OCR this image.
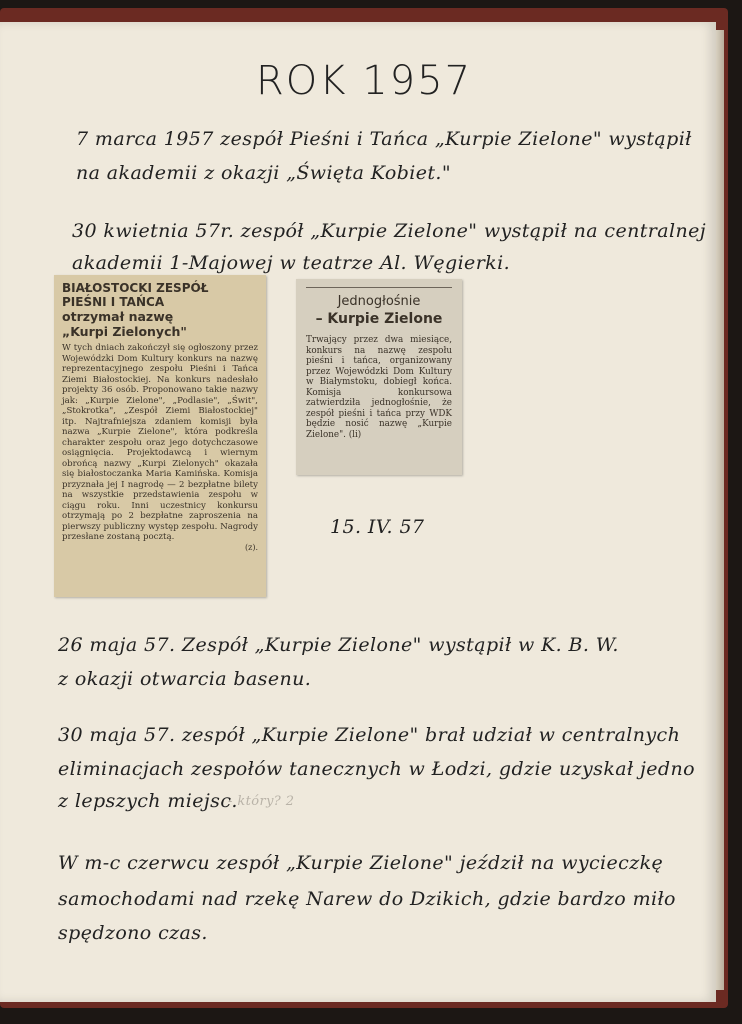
ROK 1957
7 marca 1957 zespół Pieśni i Tańca „Kurpie Zielone" wystąpił
na akademii z okazji „Święta Kobiet."
30 kwietnia 57r. zespół „Kurpie Zielone" wystąpił na centralnej
akademii 1-Majowej w teatrze Al. Węgierki.
BIAŁOSTOCKI ZESPÓŁ
PIEŚNI I TAŃCA
otrzymał nazwę
„Kurpi Zielonych"
W tych dniach zakończył się ogłoszony przez Wojewódzki Dom Kultury konkurs na nazwę reprezentacyjnego zespołu Pieśni i Tańca Ziemi Białostockiej. Na konkurs nadesłało projekty 36 osób. Proponowano takie nazwy jak: „Kurpie Zielone", „Podlasie", „Świt", „Stokrotka", „Zespół Ziemi Białostockiej" itp. Najtrafniejsza zdaniem komisji była nazwa „Kurpie Zielone", która podkreśla charakter zespołu oraz jego dotychczasowe osiągnięcia. Projektodawcą i wiernym obrońcą nazwy „Kurpi Zielonych" okazała się białostoczanka Maria Kamińska. Komisja przyznała jej I nagrodę — 2 bezpłatne bilety na wszystkie przedstawienia zespołu w ciągu roku. Inni uczestnicy konkursu otrzymają po 2 bezpłatne zaproszenia na pierwszy publiczny występ zespołu. Nagrody przesłane zostaną pocztą.
(z).
Jednogłośnie
– Kurpie Zielone
Trwający przez dwa miesiące, konkurs na nazwę zespołu pieśni i tańca, organizowany przez Wojewódzki Dom Kultury w Białymstoku, dobiegł końca. Komisja konkursowa zatwierdziła jednogłośnie, że zespół pieśni i tańca przy WDK będzie nosić nazwę „Kurpie Zielone". (li)
15. IV. 57
26 maja 57. Zespół „Kurpie Zielone" wystąpił w K. B. W.
z okazji otwarcia basenu.
30 maja 57. zespół „Kurpie Zielone" brał udział w centralnych
eliminacjach zespołów tanecznych w Łodzi, gdzie uzyskał jedno
z lepszych miejsc.
- który? 2
W m-c czerwcu zespół „Kurpie Zielone" jeździł na wycieczkę
samochodami nad rzekę Narew do Dzikich, gdzie bardzo miło
spędzono czas.
